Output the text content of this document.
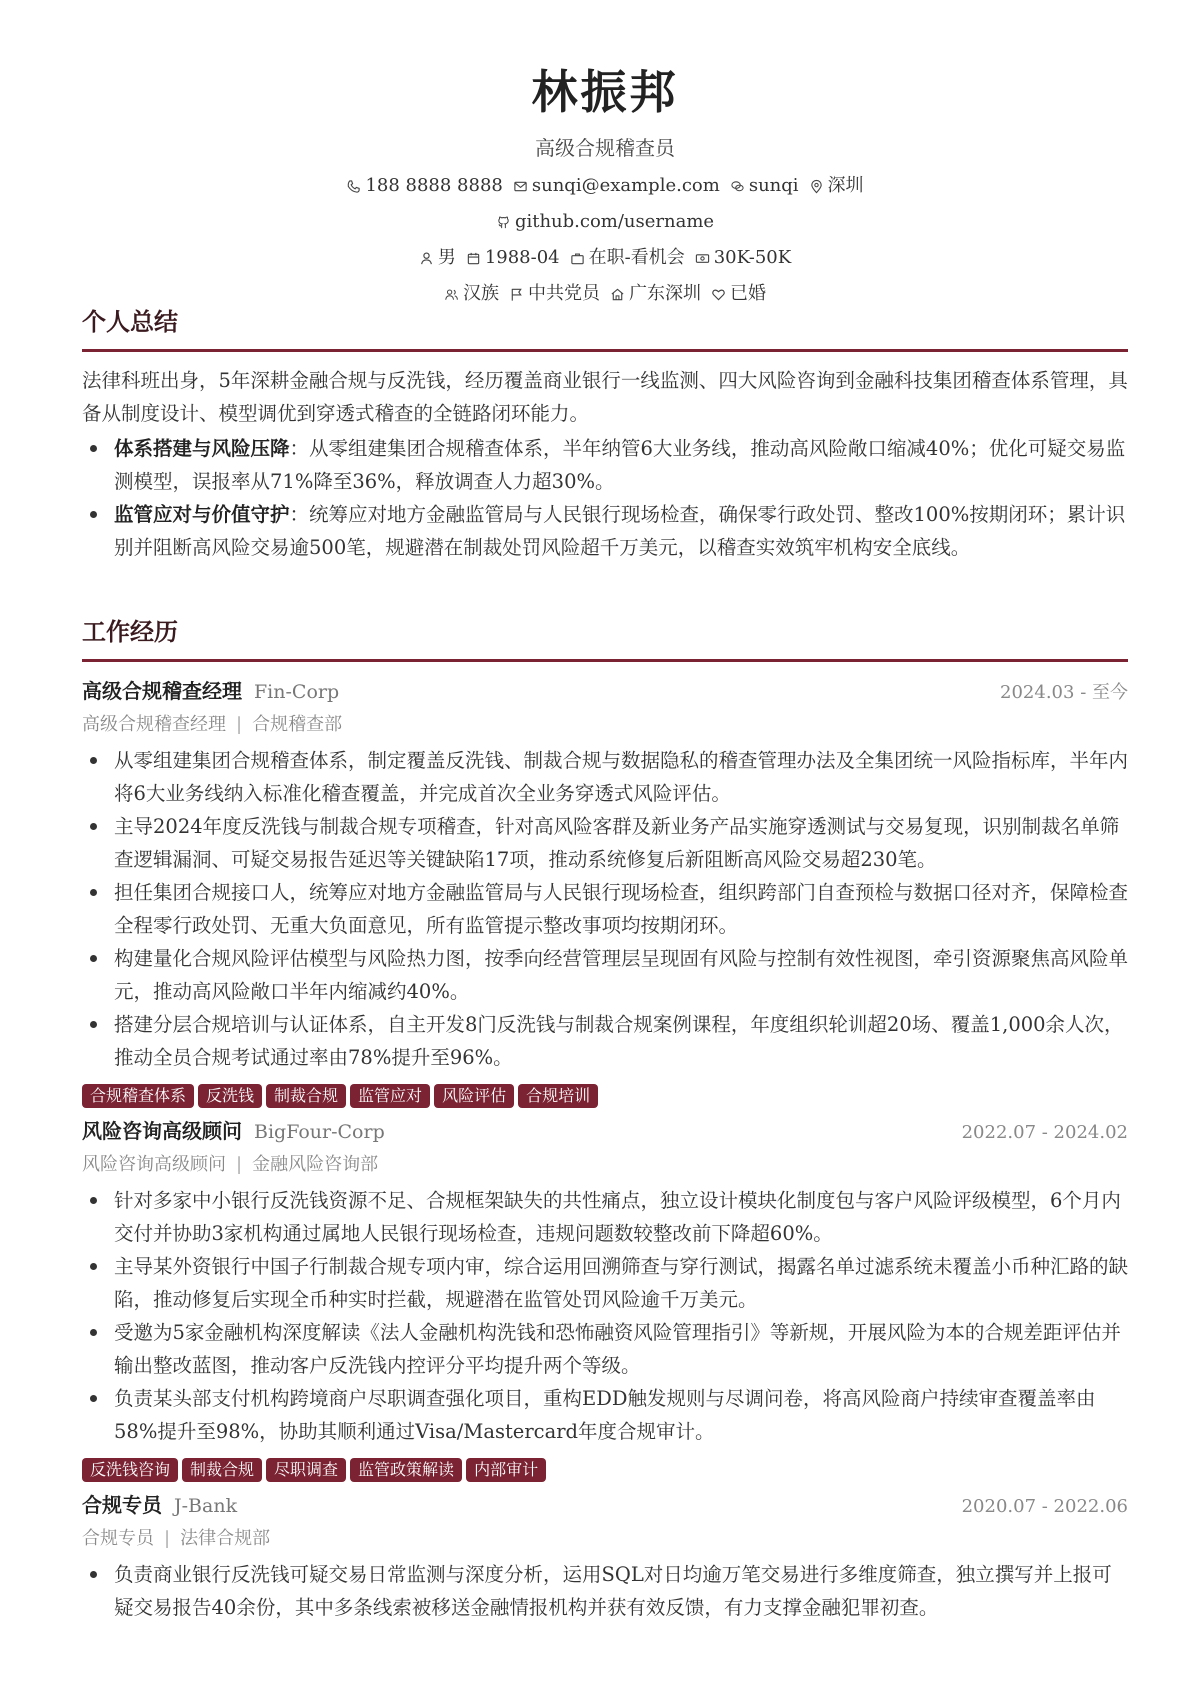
林振邦
高级合规稽查员
188 8888 8888 sunqi@example.com sunqi 深圳
github.com/username
男 1988-04 在职-看机会 30K-50K
汉族 中共党员 广东深圳 已婚
个人总结
法律科班出身，5年深耕金融合规与反洗钱，经历覆盖商业银行一线监测、四大风险咨询到金融科技集团稽查体系管理，具备从制度设计、模型调优到穿透式稽查的全链路闭环能力。
体系搭建与风险压降：从零组建集团合规稽查体系，半年纳管6大业务线，推动高风险敞口缩减40%；优化可疑交易监测模型，误报率从71%降至36%，释放调查人力超30%。
监管应对与价值守护：统筹应对地方金融监管局与人民银行现场检查，确保零行政处罚、整改100%按期闭环；累计识别并阻断高风险交易逾500笔，规避潜在制裁处罚风险超千万美元，以稽查实效筑牢机构安全底线。
工作经历
高级合规稽查经理 Fin-Corp	2024.03 - 至今
高级合规稽查经理 | 合规稽查部
从零组建集团合规稽查体系，制定覆盖反洗钱、制裁合规与数据隐私的稽查管理办法及全集团统一风险指标库，半年内将6大业务线纳入标准化稽查覆盖，并完成首次全业务穿透式风险评估。
主导2024年度反洗钱与制裁合规专项稽查，针对高风险客群及新业务产品实施穿透测试与交易复现，识别制裁名单筛查逻辑漏洞、可疑交易报告延迟等关键缺陷17项，推动系统修复后新阻断高风险交易超230笔。
担任集团合规接口人，统筹应对地方金融监管局与人民银行现场检查，组织跨部门自查预检与数据口径对齐，保障检查全程零行政处罚、无重大负面意见，所有监管提示整改事项均按期闭环。
构建量化合规风险评估模型与风险热力图，按季向经营管理层呈现固有风险与控制有效性视图，牵引资源聚焦高风险单元，推动高风险敞口半年内缩减约40%。
搭建分层合规培训与认证体系，自主开发8门反洗钱与制裁合规案例课程，年度组织轮训超20场、覆盖1,000余人次，推动全员合规考试通过率由78%提升至96%。
合规稽查体系	反洗钱	制裁合规	监管应对	风险评估	合规培训
风险咨询高级顾问 BigFour-Corp	2022.07 - 2024.02
风险咨询高级顾问 | 金融风险咨询部
针对多家中小银行反洗钱资源不足、合规框架缺失的共性痛点，独立设计模块化制度包与客户风险评级模型，6个月内交付并协助3家机构通过属地人民银行现场检查，违规问题数较整改前下降超60%。
主导某外资银行中国子行制裁合规专项内审，综合运用回溯筛查与穿行测试，揭露名单过滤系统未覆盖小币种汇路的缺陷，推动修复后实现全币种实时拦截，规避潜在监管处罚风险逾千万美元。
受邀为5家金融机构深度解读《法人金融机构洗钱和恐怖融资风险管理指引》等新规，开展风险为本的合规差距评估并输出整改蓝图，推动客户反洗钱内控评分平均提升两个等级。
负责某头部支付机构跨境商户尽职调查强化项目，重构EDD触发规则与尽调问卷，将高风险商户持续审查覆盖率由58%提升至98%，协助其顺利通过Visa/Mastercard年度合规审计。
反洗钱咨询	制裁合规	尽职调查	监管政策解读	内部审计
合规专员 J-Bank	2020.07 - 2022.06
合规专员 | 法律合规部
负责商业银行反洗钱可疑交易日常监测与深度分析，运用SQL对日均逾万笔交易进行多维度筛查，独立撰写并上报可疑交易报告40余份，其中多条线索被移送金融情报机构并获有效反馈，有力支撑金融犯罪初查。
